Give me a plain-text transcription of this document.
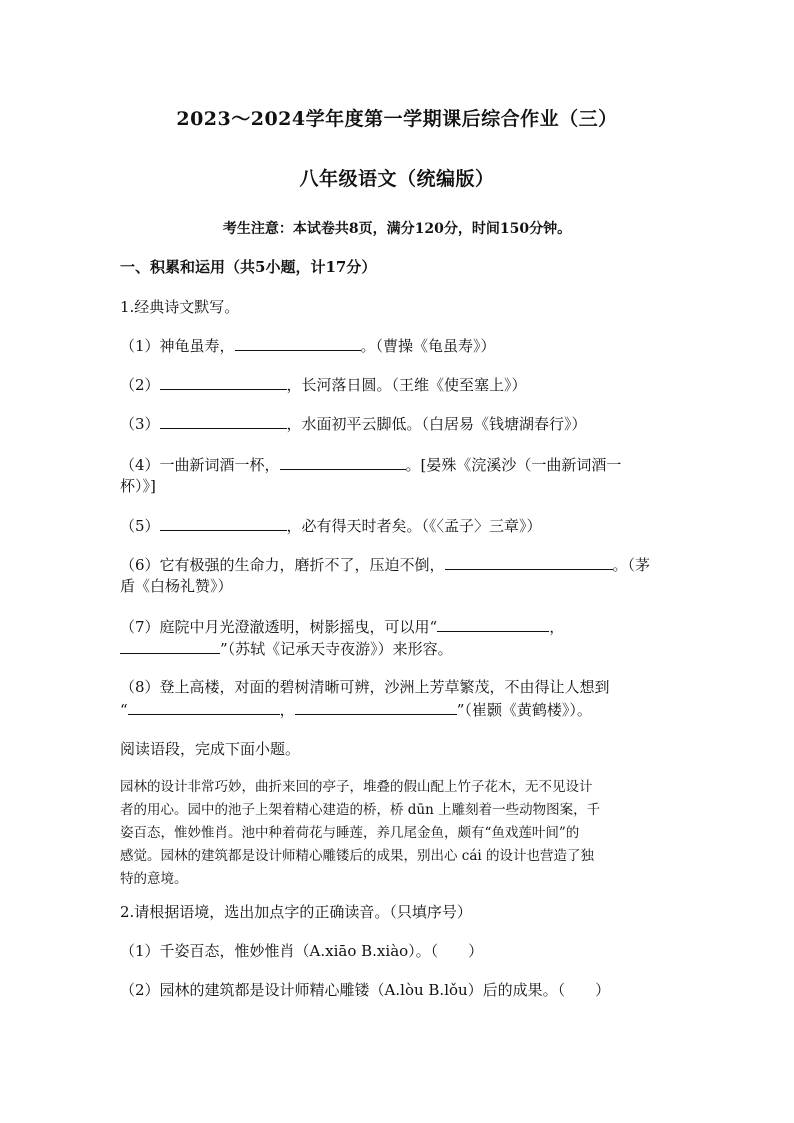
2023～2024学年度第一学期课后综合作业（三）
八年级语文（统编版）
考生注意：本试卷共8页，满分120分，时间150分钟。
一、积累和运用（共5小题，计17分）
1.经典诗文默写。
（1）神龟虽寿，	。（曹操《龟虽寿》）
（2）	，长河落日圆。（王维《使至塞上》）
（3）	，水面初平云脚低。（白居易《钱塘湖春行》）
（4）一曲新词酒一杯，	。[晏殊《浣溪沙（一曲新词酒一
杯）》]
（5）	，必有得天时者矣。（《〈孟子〉三章》）
（6）它有极强的生命力，磨折不了，压迫不倒，	。（茅
盾《白杨礼赞》）
（7）庭院中月光澄澈透明，树影摇曳，可以用“	，
”（苏轼《记承天寺夜游》）来形容。
（8）登上高楼，对面的碧树清晰可辨，沙洲上芳草繁茂，不由得让人想到
“	，	”（崔颢《黄鹤楼》）。
阅读语段，完成下面小题。
园林的设计非常巧妙，曲折来回的亭子，堆叠的假山配上竹子花木，无不见设计
者的用心。园中的池子上架着精心建造的桥，桥 dūn 上雕刻着一些动物图案，千
姿百态，惟妙惟肖。池中种着荷花与睡莲，养几尾金鱼，颇有“鱼戏莲叶间”的
感觉。园林的建筑都是设计师精心雕镂后的成果，别出心 cái 的设计也营造了独
特的意境。
2.请根据语境，选出加点字的正确读音。（只填序号）
（1）千姿百态，惟妙惟肖（A.xiāo B.xiào）。（　　）
（2）园林的建筑都是设计师精心雕镂（A.lòu B.lǒu）后的成果。（　　）
